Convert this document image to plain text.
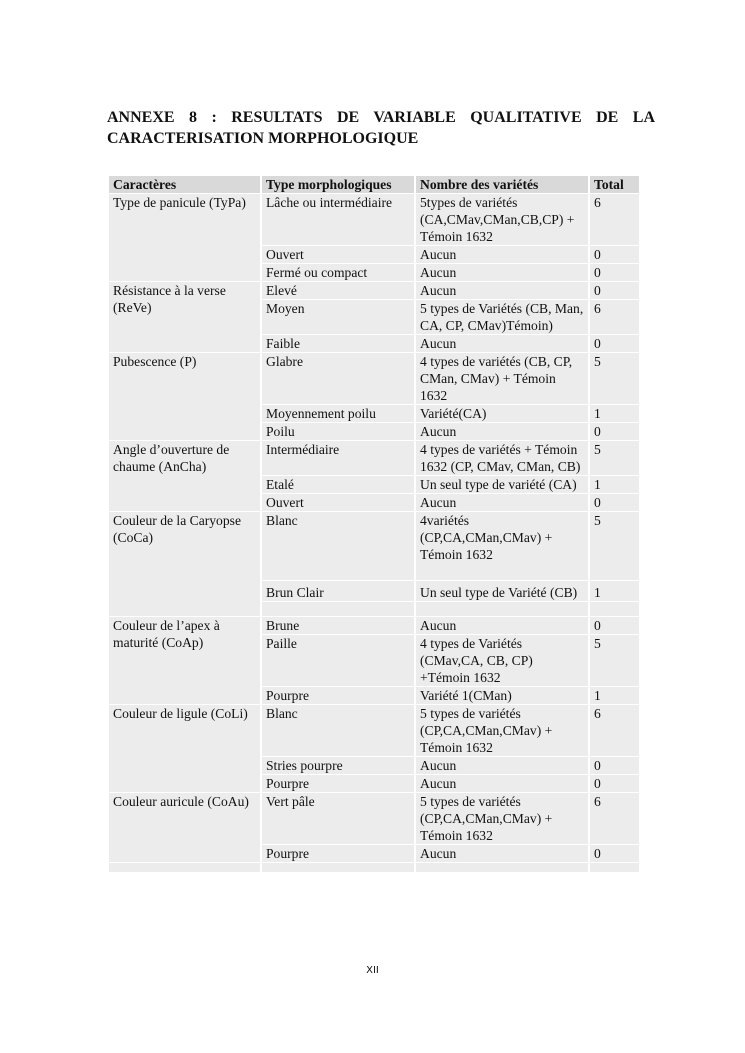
ANNEXE 8 : RESULTATS DE VARIABLE QUALITATIVE DE LA
CARACTERISATION MORPHOLOGIQUE
Caractères	Type morphologiques	Nombre des variétés	Total
Type de panicule (TyPa)	Lâche ou intermédiaire	5types de variétés (CA,CMav,CMan,CB,CP) + Témoin 1632	6
	Ouvert	Aucun	0
	Fermé ou compact	Aucun	0
Résistance à la verse (ReVe)	Elevé	Aucun	0
	Moyen	5 types de Variétés (CB, Man, CA, CP, CMav)Témoin)	6
	Faible	Aucun	0
Pubescence (P)	Glabre	4 types de variétés (CB, CP, CMan, CMav) + Témoin 1632	5
	Moyennement poilu	Variété(CA)	1
	Poilu	Aucun	0
Angle d’ouverture de chaume (AnCha)	Intermédiaire	4 types de variétés + Témoin 1632 (CP, CMav, CMan, CB)	5
	Etalé	Un seul type de variété (CA)	1
	Ouvert	Aucun	0
Couleur de la Caryopse (CoCa)	Blanc	4variétés (CP,CA,CMan,CMav) + Témoin 1632	5
	Brun Clair	Un seul type de Variété (CB)	1

Couleur de l’apex à maturité (CoAp)	Brune	Aucun	0
	Paille	4 types de Variétés (CMav,CA, CB, CP) +Témoin 1632	5
	Pourpre	Variété 1(CMan)	1
Couleur de ligule (CoLi)	Blanc	5 types de variétés (CP,CA,CMan,CMav) + Témoin 1632	6
	Stries pourpre	Aucun	0
	Pourpre	Aucun	0
Couleur auricule (CoAu)	Vert pâle	5 types de variétés (CP,CA,CMan,CMav) + Témoin 1632	6
	Pourpre	Aucun	0

XII
